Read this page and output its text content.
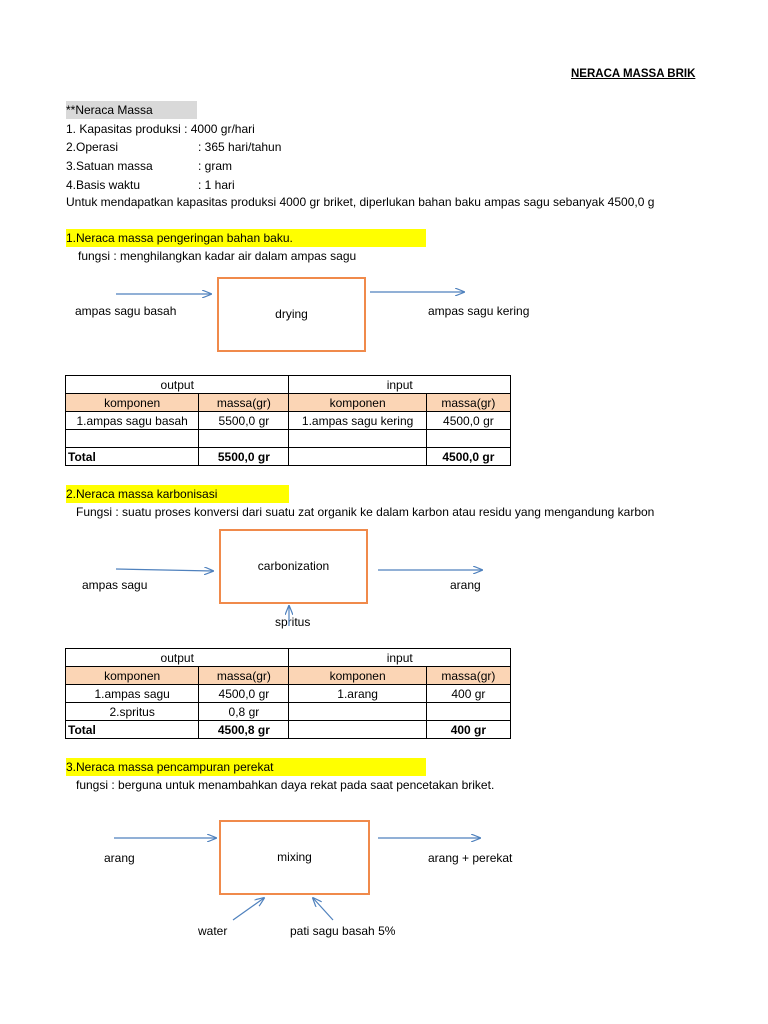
NERACA MASSA BRIK
**Neraca Massa
1. Kapasitas produksi : 4000 gr/hari
2.Operasi	: 365 hari/tahun
3.Satuan massa	: gram
4.Basis waktu	: 1 hari
Untuk mendapatkan kapasitas produksi 4000 gr briket, diperlukan bahan baku ampas sagu sebanyak 4500,0 g
1.Neraca massa pengeringan bahan baku.
fungsi : menghilangkan kadar air dalam ampas sagu
ampas sagu basah	drying	ampas sagu kering
output		input	
komponen	massa(gr)	komponen	massa(gr)
1.ampas sagu basah	5500,0 gr	1.ampas sagu kering	4500,0 gr

Total	5500,0 gr		4500,0 gr
2.Neraca massa karbonisasi
Fungsi : suatu proses konversi dari suatu zat organik ke dalam karbon atau residu yang mengandung karbon
ampas sagu
carbonization
arang
spritus
output		input	
komponen	massa(gr)	komponen	massa(gr)
1.ampas sagu	4500,0 gr	1.arang	400 gr
2.spritus	0,8 gr		
Total	4500,8 gr		400 gr
3.Neraca massa pencampuran perekat
fungsi : berguna untuk menambahkan daya rekat pada saat pencetakan briket.
arang	mixing	arang + perekat
water	pati sagu basah 5%
